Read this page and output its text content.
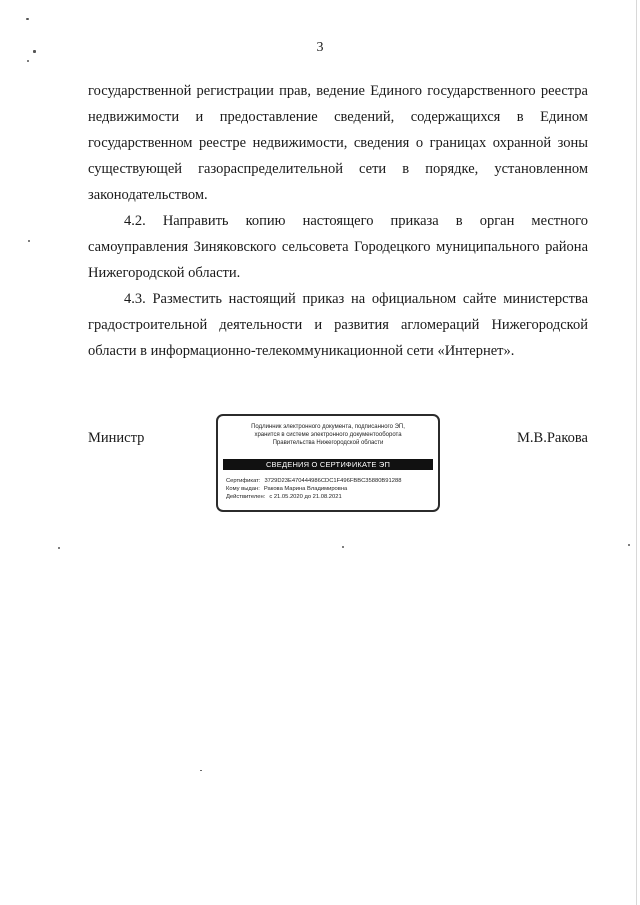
3

государственной регистрации прав, ведение Единого государственного реестра недвижимости и предоставление сведений, содержащихся в Едином государственном реестре недвижимости, сведения о границах охранной зоны существующей газораспределительной сети в порядке, установленном законодательством.

4.2. Направить копию настоящего приказа в орган местного самоуправления Зиняковского сельсовета Городецкого муниципального района Нижегородской области.

4.3. Разместить настоящий приказ на официальном сайте министерства градостроительной деятельности и развития агломераций Нижегородской области в информационно-телекоммуникационной сети «Интернет».

Министр	М.В.Ракова
Подлинник электронного документа, подписанного ЭП,
хранится в системе электронного документооборота
Правительства Нижегородской области
СВЕДЕНИЯ О СЕРТИФИКАТЕ ЭП
Сертификат: 3729D23E470444986CDC1F496FBBC35880B91288
Кому выдан: Ракова Марина Владимировна
Действителен: с 21.05.2020 до 21.08.2021
